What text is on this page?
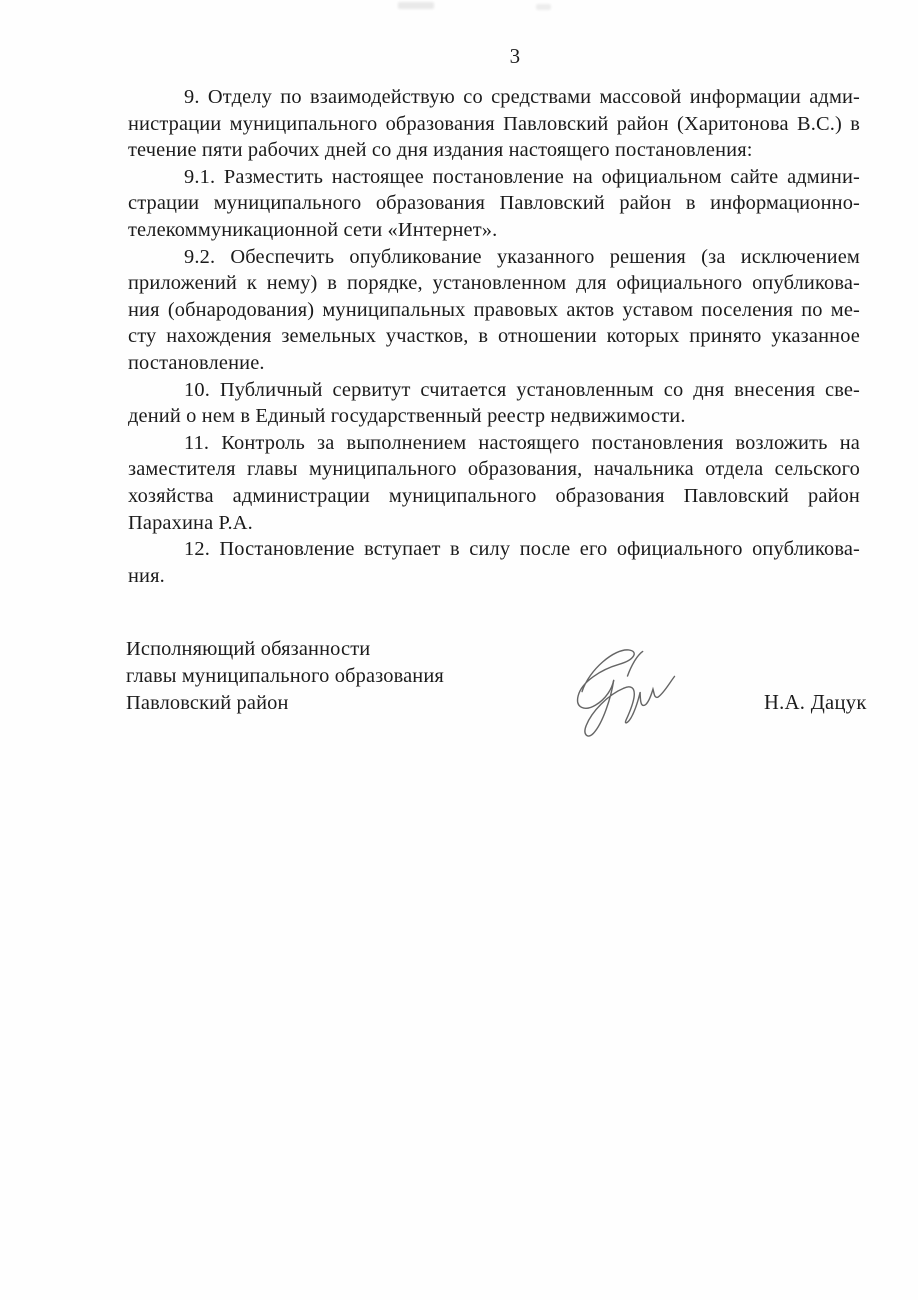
3
9. Отделу по взаимодействую со средствами массовой информации адми-
нистрации муниципального образования Павловский район (Харитонова В.С.) в
течение пяти рабочих дней со дня издания настоящего постановления:
9.1. Разместить настоящее постановление на официальном сайте админи-
страции муниципального образования Павловский район в информационно-
телекоммуникационной сети «Интернет».
9.2. Обеспечить опубликование указанного решения (за исключением
приложений к нему) в порядке, установленном для официального опубликова-
ния (обнародования) муниципальных правовых актов уставом поселения по ме-
сту нахождения земельных участков, в отношении которых принято указанное
постановление.
10. Публичный сервитут считается установленным со дня внесения све-
дений о нем в Единый государственный реестр недвижимости.
11. Контроль за выполнением настоящего постановления возложить на
заместителя главы муниципального образования, начальника отдела сельского
хозяйства администрации муниципального образования Павловский район
Парахина Р.А.
12. Постановление вступает в силу после его официального опубликова-
ния.
Исполняющий обязанности
главы муниципального образования
Павловский район	Н.А. Дацук
